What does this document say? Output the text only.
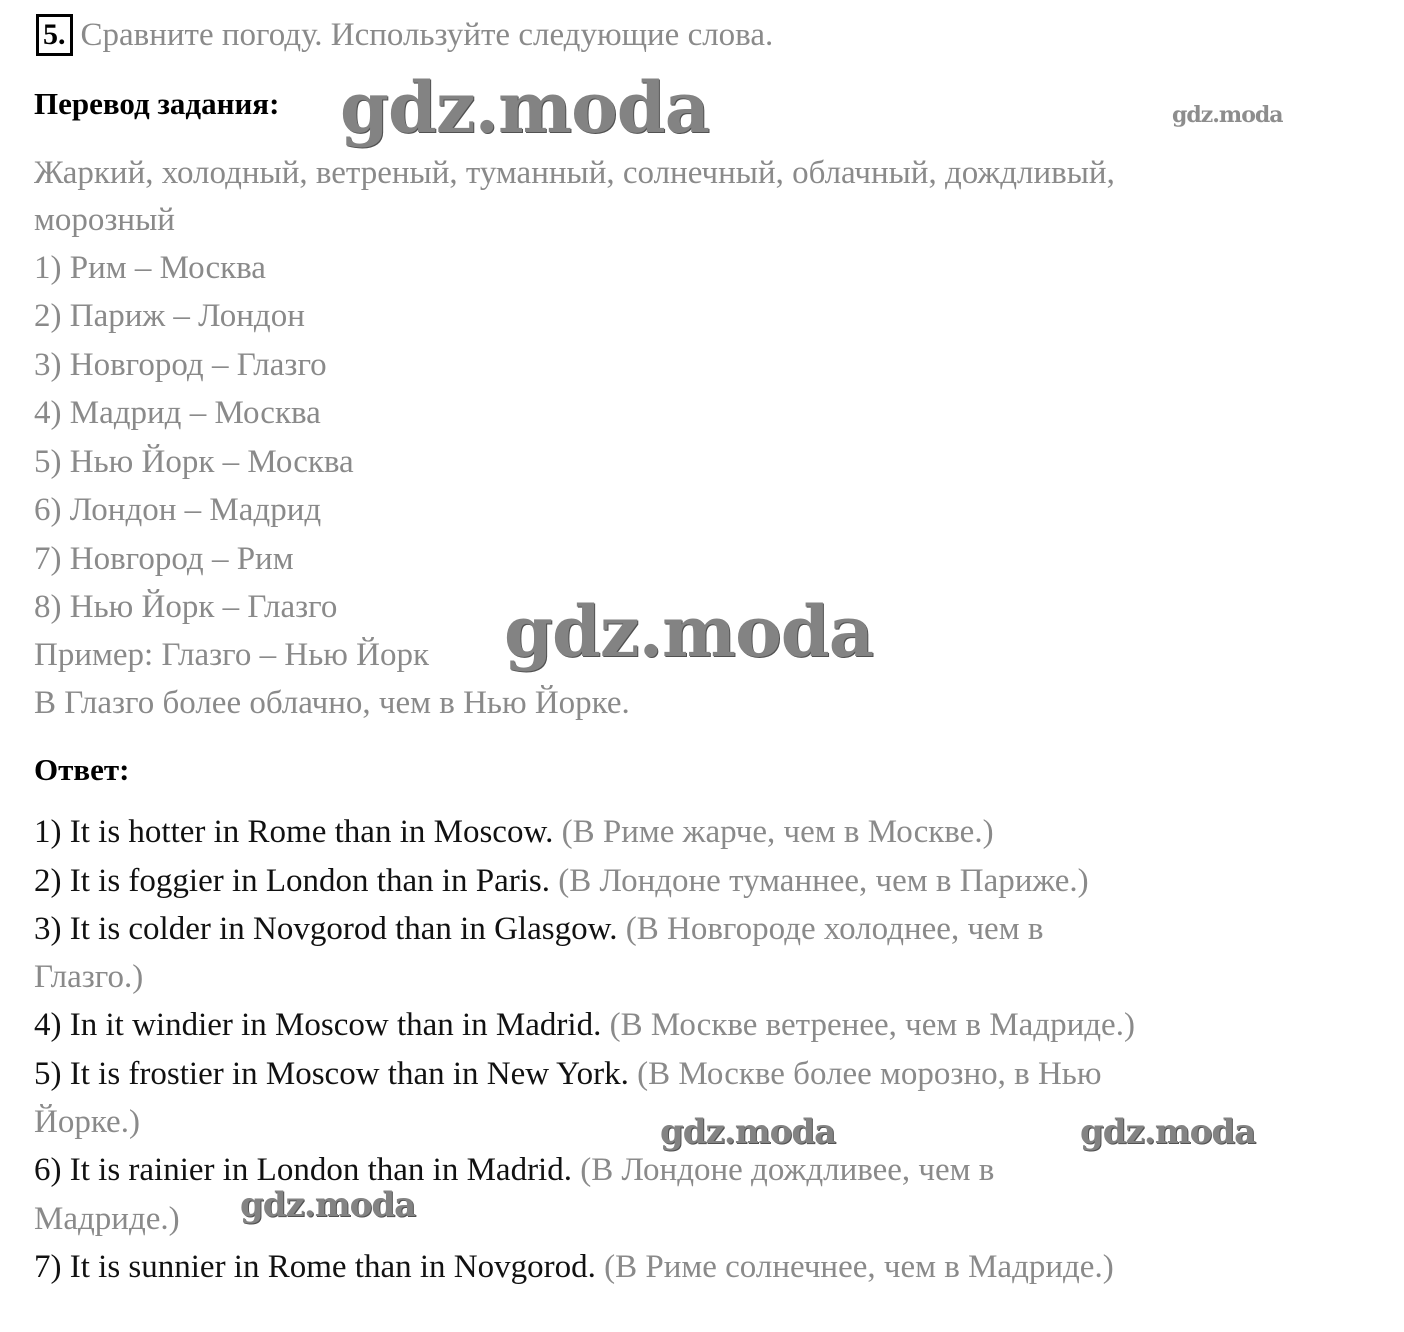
5. Сравните погоду. Используйте следующие слова.
Перевод задания:
Жаркий, холодный, ветреный, туманный, солнечный, облачный, дождливый,
морозный
1) Рим – Москва
2) Париж – Лондон
3) Новгород – Глазго
4) Мадрид – Москва
5) Нью Йорк – Москва
6) Лондон – Мадрид
7) Новгород – Рим
8) Нью Йорк – Глазго
Пример: Глазго – Нью Йорк
В Глазго более облачно, чем в Нью Йорке.
Ответ:
1) It is hotter in Rome than in Moscow. (В Риме жарче, чем в Москве.)
2) It is foggier in London than in Paris. (В Лондоне туманнее, чем в Париже.)
3) It is colder in Novgorod than in Glasgow. (В Новгороде холоднее, чем в
Глазго.)
4) In it windier in Moscow than in Madrid. (В Москве ветренее, чем в Мадриде.)
5) It is frostier in Moscow than in New York. (В Москве более морозно, в Нью
Йорке.)
6) It is rainier in London than in Madrid. (В Лондоне дождливее, чем в
Мадриде.)
7) It is sunnier in Rome than in Novgorod. (В Риме солнечнее, чем в Мадриде.)
gdz.moda	gdz.moda
gdz.moda
gdz.moda	gdz.moda
gdz.moda
